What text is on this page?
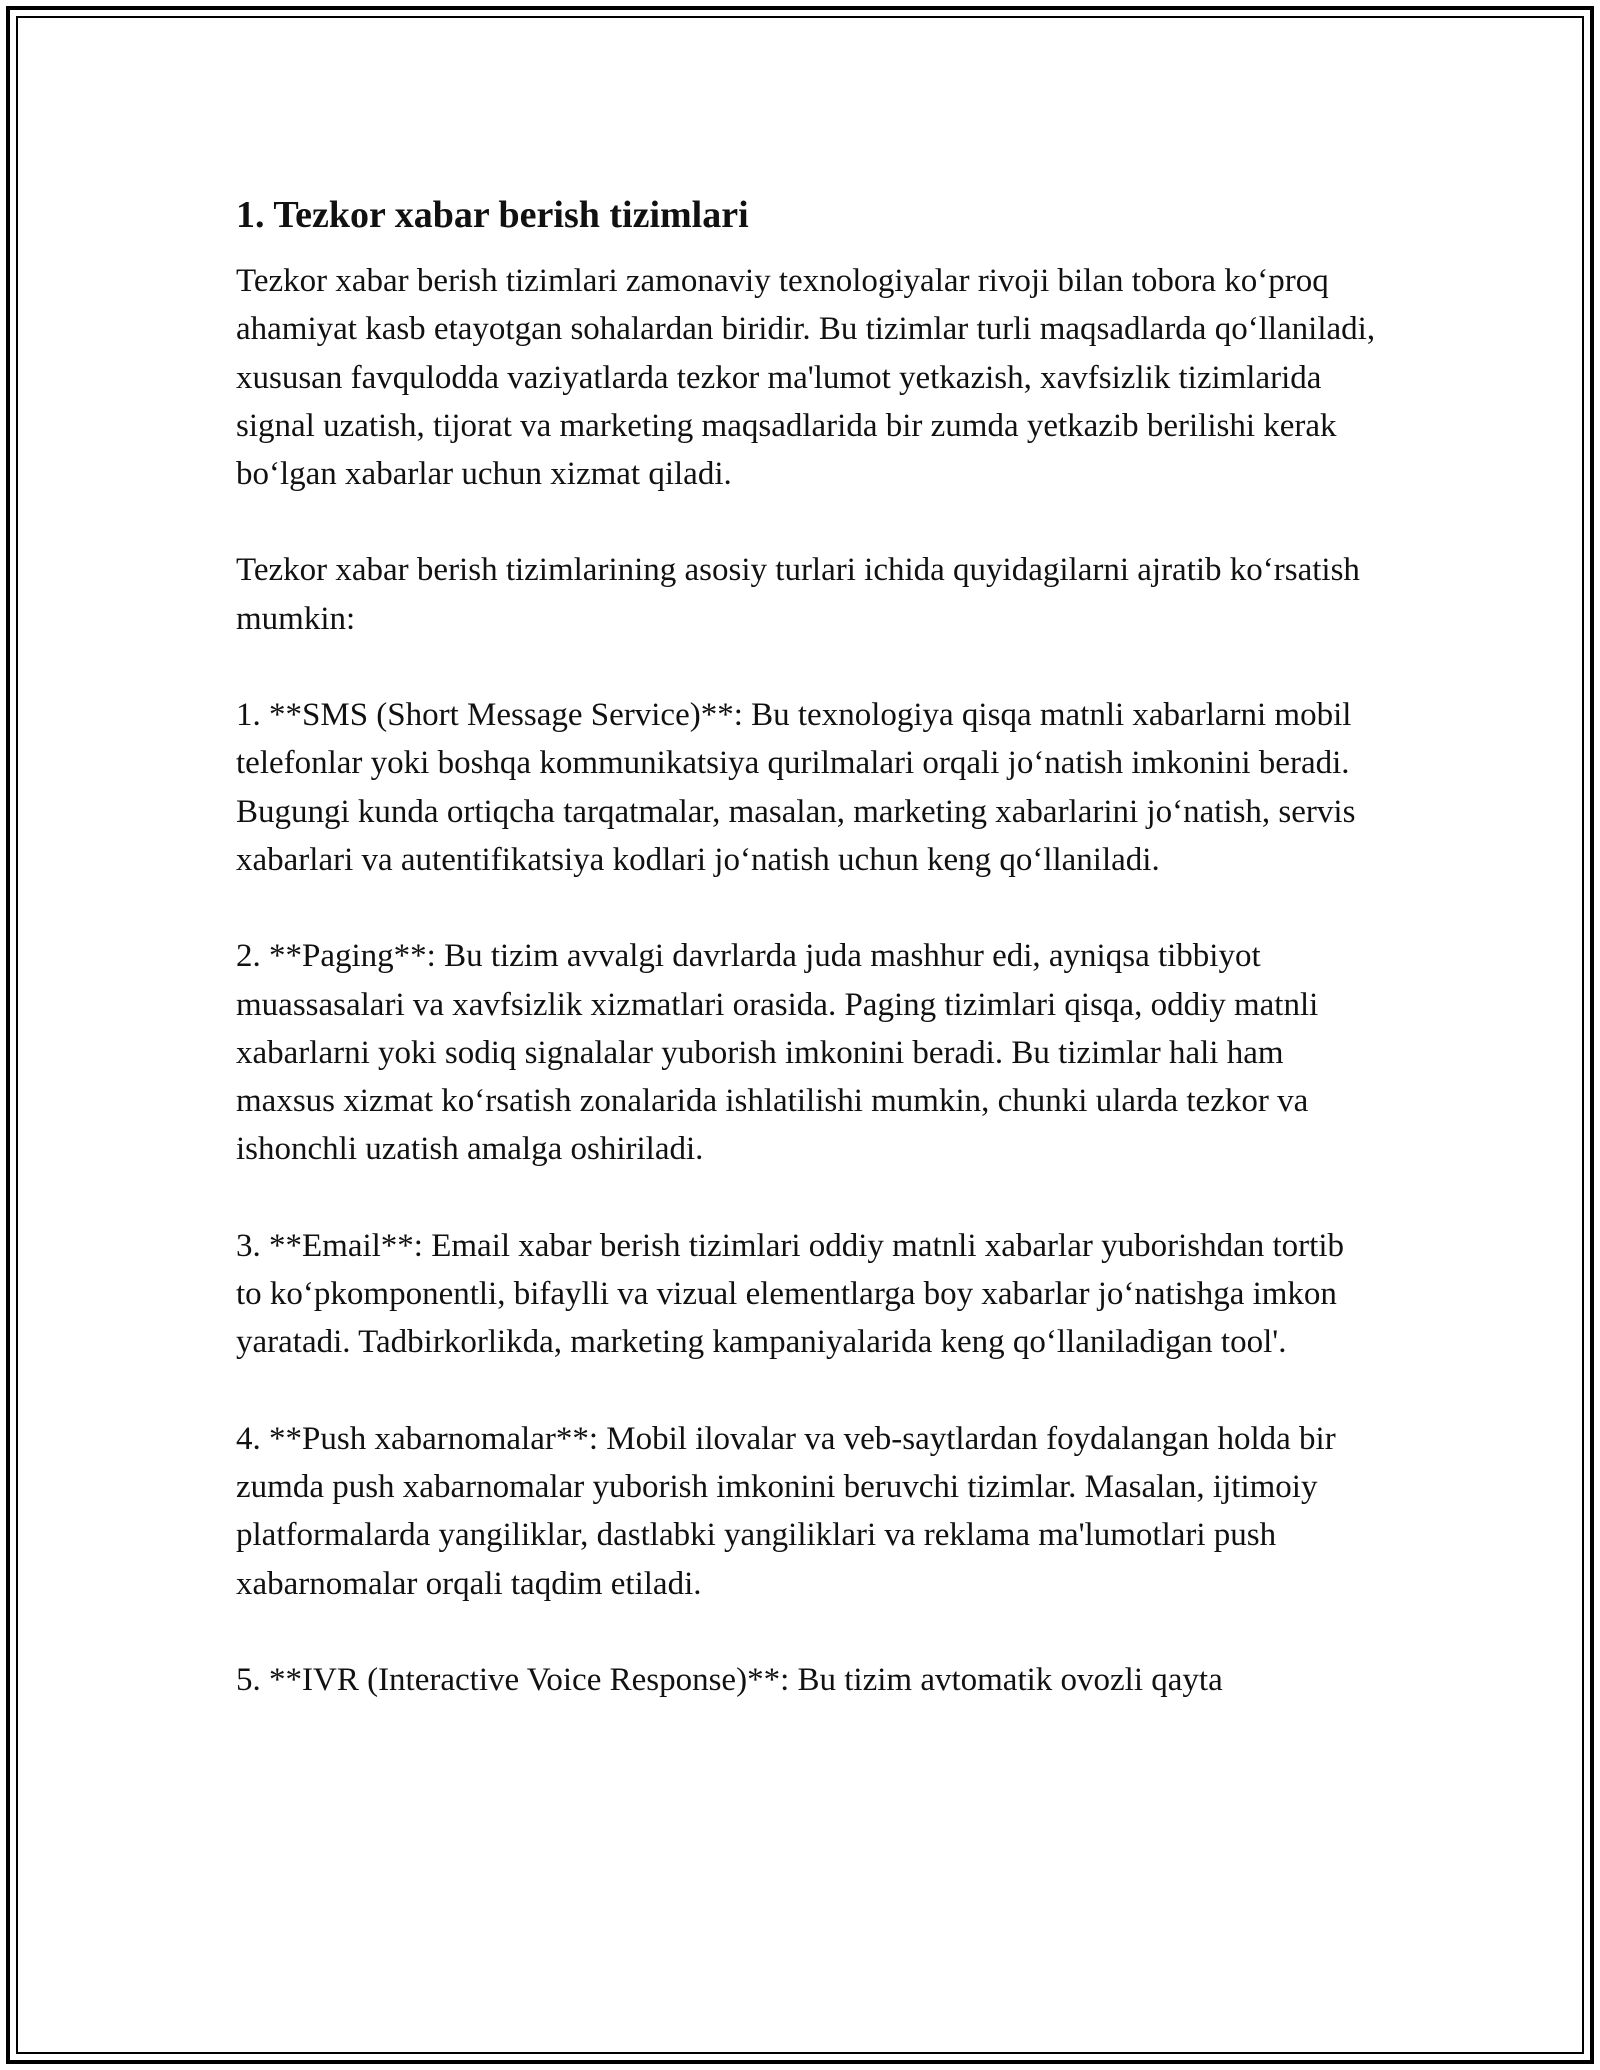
1. Tezkor xabar berish tizimlari

Tezkor xabar berish tizimlari zamonaviy texnologiyalar rivoji bilan tobora ko‘proq ahamiyat kasb etayotgan sohalardan biridir. Bu tizimlar turli maqsadlarda qo‘llaniladi, xususan favqulodda vaziyatlarda tezkor ma'lumot yetkazish, xavfsizlik tizimlarida signal uzatish, tijorat va marketing maqsadlarida bir zumda yetkazib berilishi kerak bo‘lgan xabarlar uchun xizmat qiladi.

Tezkor xabar berish tizimlarining asosiy turlari ichida quyidagilarni ajratib ko‘rsatish mumkin:

1. **SMS (Short Message Service)**: Bu texnologiya qisqa matnli xabarlarni mobil telefonlar yoki boshqa kommunikatsiya qurilmalari orqali jo‘natish imkonini beradi. Bugungi kunda ortiqcha tarqatmalar, masalan, marketing xabarlarini jo‘natish, servis xabarlari va autentifikatsiya kodlari jo‘natish uchun keng qo‘llaniladi.

2. **Paging**: Bu tizim avvalgi davrlarda juda mashhur edi, ayniqsa tibbiyot muassasalari va xavfsizlik xizmatlari orasida. Paging tizimlari qisqa, oddiy matnli xabarlarni yoki sodiq signalalar yuborish imkonini beradi. Bu tizimlar hali ham maxsus xizmat ko‘rsatish zonalarida ishlatilishi mumkin, chunki ularda tezkor va ishonchli uzatish amalga oshiriladi.

3. **Email**: Email xabar berish tizimlari oddiy matnli xabarlar yuborishdan tortib to ko‘pkomponentli, bifaylli va vizual elementlarga boy xabarlar jo‘natishga imkon yaratadi. Tadbirkorlikda, marketing kampaniyalarida keng qo‘llaniladigan tool'.

4. **Push xabarnomalar**: Mobil ilovalar va veb-saytlardan foydalangan holda bir zumda push xabarnomalar yuborish imkonini beruvchi tizimlar. Masalan, ijtimoiy platformalarda yangiliklar, dastlabki yangiliklari va reklama ma'lumotlari push xabarnomalar orqali taqdim etiladi.

5. **IVR (Interactive Voice Response)**: Bu tizim avtomatik ovozli qayta
